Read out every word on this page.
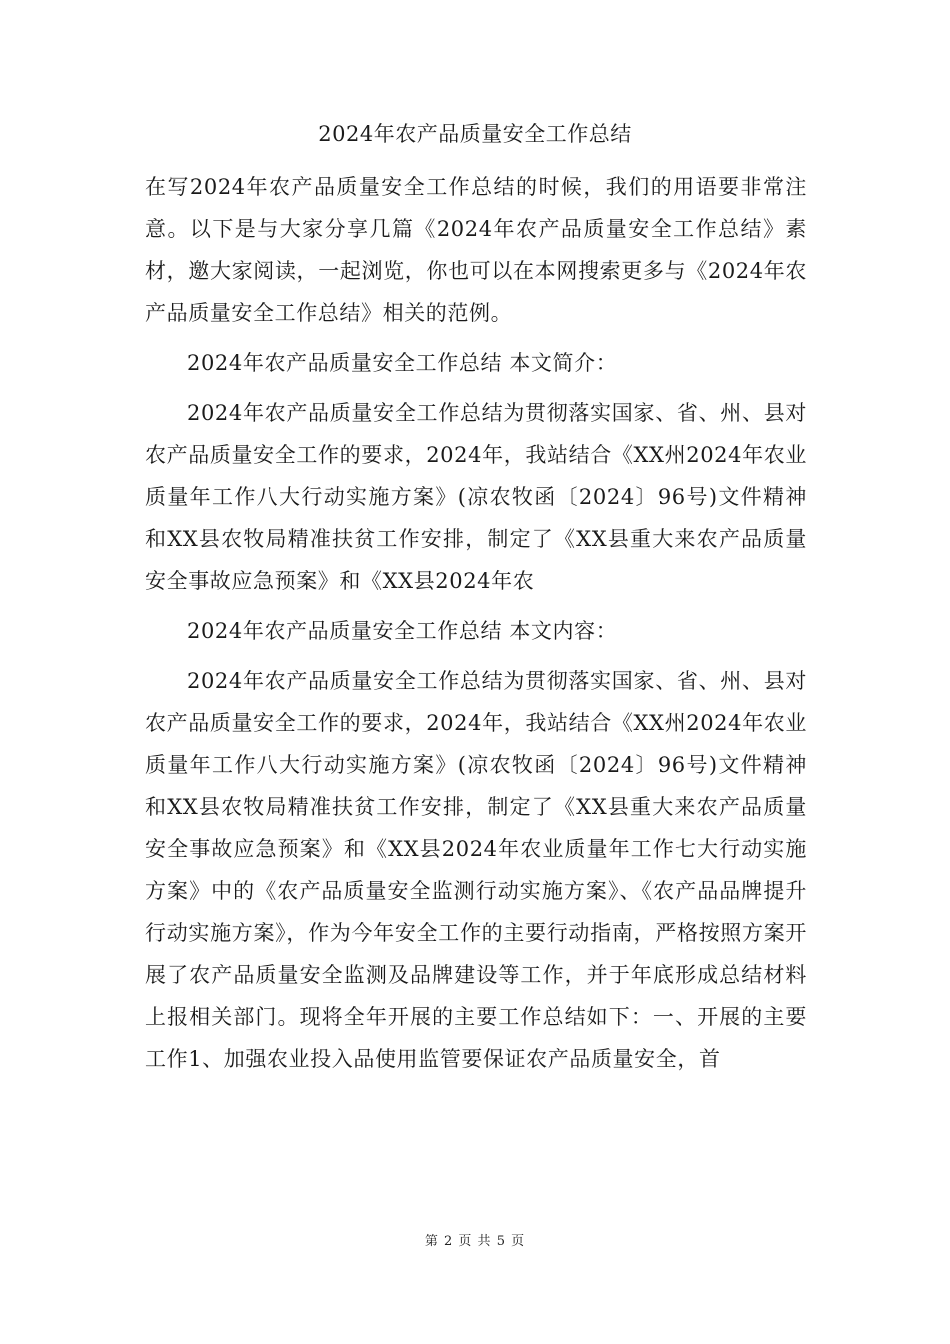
2024年农产品质量安全工作总结

在写2024年农产品质量安全工作总结的时候，我们的用语要非常注意。以下是与大家分享几篇《2024年农产品质量安全工作总结》素材，邀大家阅读，一起浏览，你也可以在本网搜索更多与《2024年农产品质量安全工作总结》相关的范例。

2024年农产品质量安全工作总结 本文简介：

2024年农产品质量安全工作总结为贯彻落实国家、省、州、县对农产品质量安全工作的要求，2024年，我站结合《XX州2024年农业质量年工作八大行动实施方案》(凉农牧函〔2024〕96号)文件精神和XX县农牧局精准扶贫工作安排，制定了《XX县重大来农产品质量安全事故应急预案》和《XX县2024年农

2024年农产品质量安全工作总结 本文内容：

2024年农产品质量安全工作总结为贯彻落实国家、省、州、县对农产品质量安全工作的要求，2024年，我站结合《XX州2024年农业质量年工作八大行动实施方案》(凉农牧函〔2024〕96号)文件精神和XX县农牧局精准扶贫工作安排，制定了《XX县重大来农产品质量安全事故应急预案》和《XX县2024年农业质量年工作七大行动实施方案》中的《农产品质量安全监测行动实施方案》、《农产品品牌提升行动实施方案》，作为今年安全工作的主要行动指南，严格按照方案开展了农产品质量安全监测及品牌建设等工作，并于年底形成总结材料上报相关部门。现将全年开展的主要工作总结如下：一、开展的主要工作1、加强农业投入品使用监管要保证农产品质量安全，首

第 2 页 共 5 页
